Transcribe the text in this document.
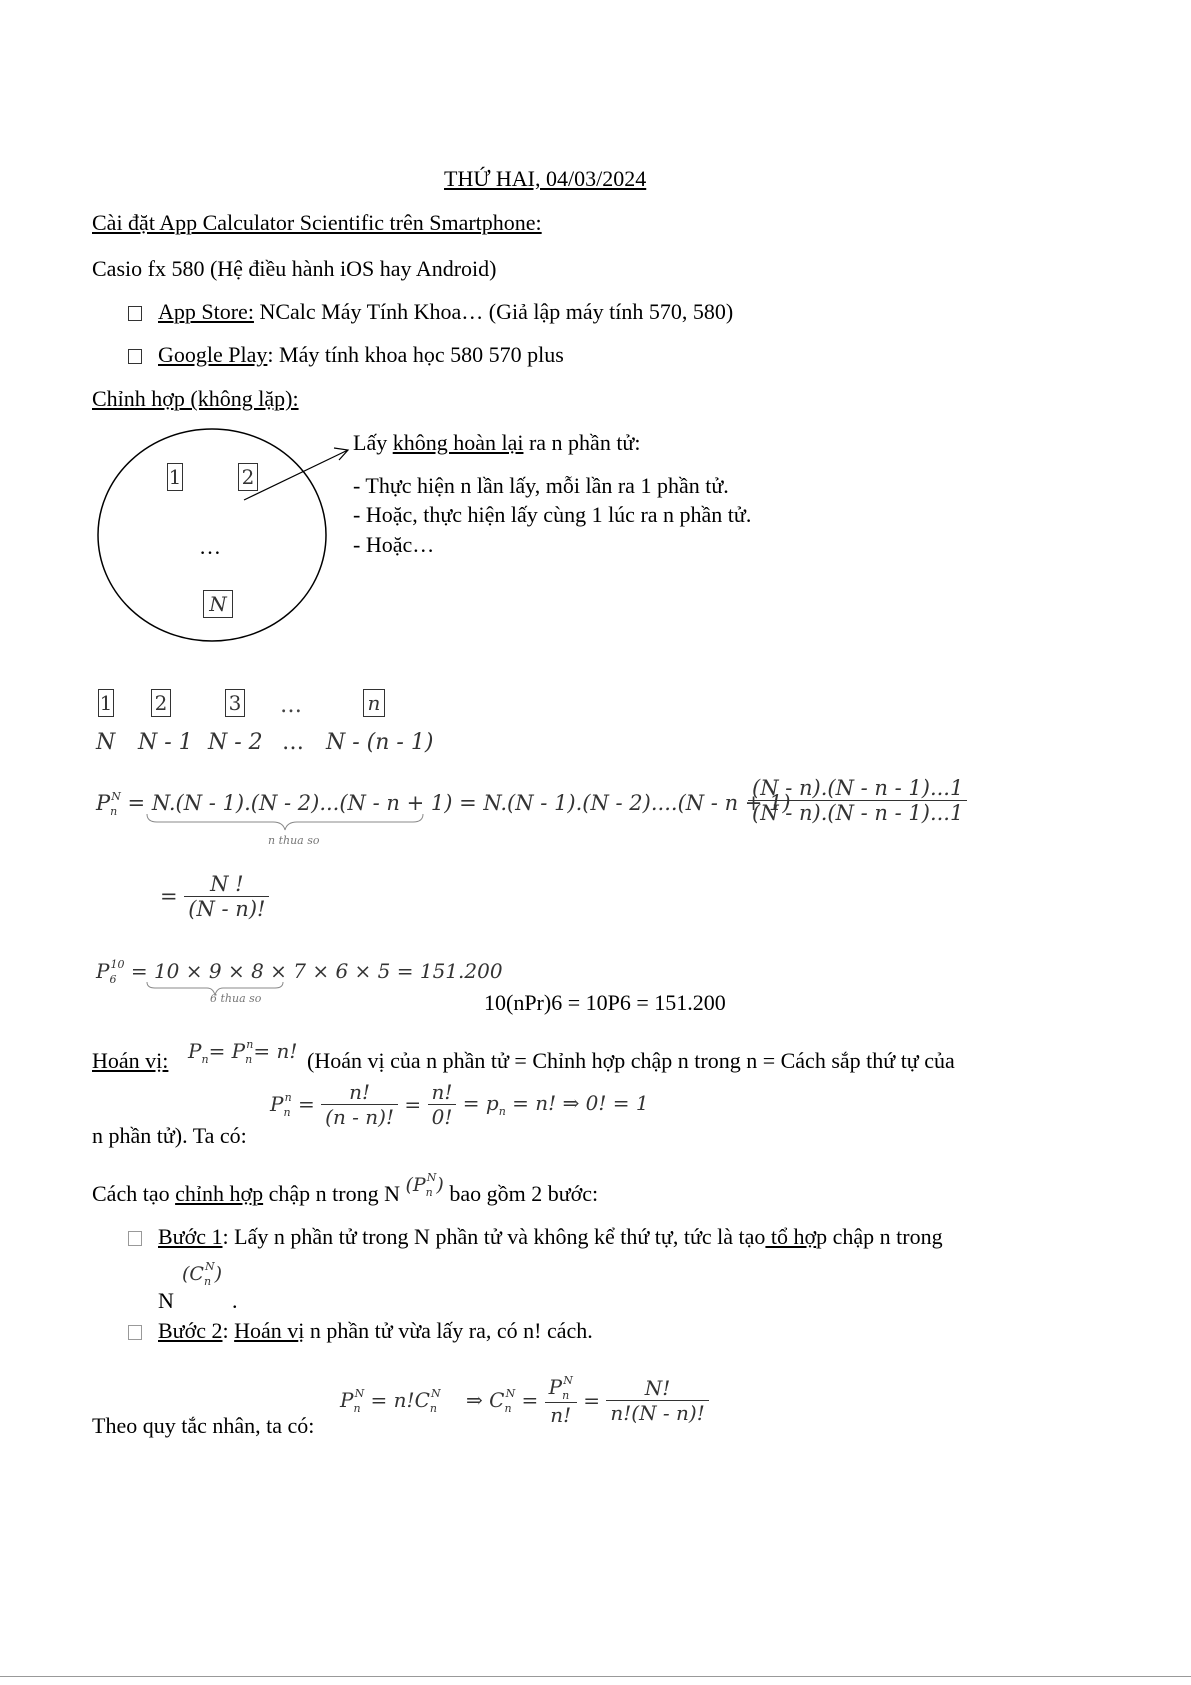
THỨ HAI, 04/03/2024
Cài đặt App Calculator Scientific trên Smartphone:
Casio fx 580 (Hệ điều hành iOS hay Android)
App Store: NCalc Máy Tính Khoa… (Giả lập máy tính 570, 580)
Google Play: Máy tính khoa học 580 570 plus
Chỉnh hợp (không lặp):
1	2
…
N
Lấy không hoàn lại ra n phần tử:
- Thực hiện n lần lấy, mỗi lần ra 1 phần tử.
- Hoặc, thực hiện lấy cùng 1 lúc ra n phần tử.
- Hoặc…
1 2	3 …	n
N N - 1 N - 2 … N - (n - 1)
$P_n^N = N.(N - 1).(N - 2)...(N - n + 1) = N.(N - 1).(N - 2)....(N - n + 1)$
$\frac{(N - n).(N - n - 1)...1}{(N - n).(N - n - 1)...1}$
n thua so
= $\frac{N !}{(N - n)!}$
$P_6^{10} = 10 \times 9 \times 8 \times 7 \times 6 \times 5 = 151.200$
6 thua so	10(nPr)6 = 10P6 = 151.200
Hoán vị: $P_n= P_n^n= n$! (Hoán vị của n phần tử = Chỉnh hợp chập n trong n = Cách sắp thứ tự của
$P_n^n = \frac{n!}{(n - n)!} = \frac{n!}{0!} = p_n = n$! ⇒ 0! = 1
n phần tử). Ta có:
Cách tạo chỉnh hợp chập n trong N $(P_n^N)$ bao gồm 2 bước:
Bước 1: Lấy n phần tử trong N phần tử và không kể thứ tự, tức là tạo tổ hợp chập n trong
$(C_n^N)$
N	.
Bước 2: Hoán vị n phần tử vừa lấy ra, có n! cách.
Theo quy tắc nhân, ta có:
$P_n^N = n!C_n^N$ ⇒ $C_n^N = \frac{P_n^N}{n!} = \frac{N!}{n!(N - n)!}$
